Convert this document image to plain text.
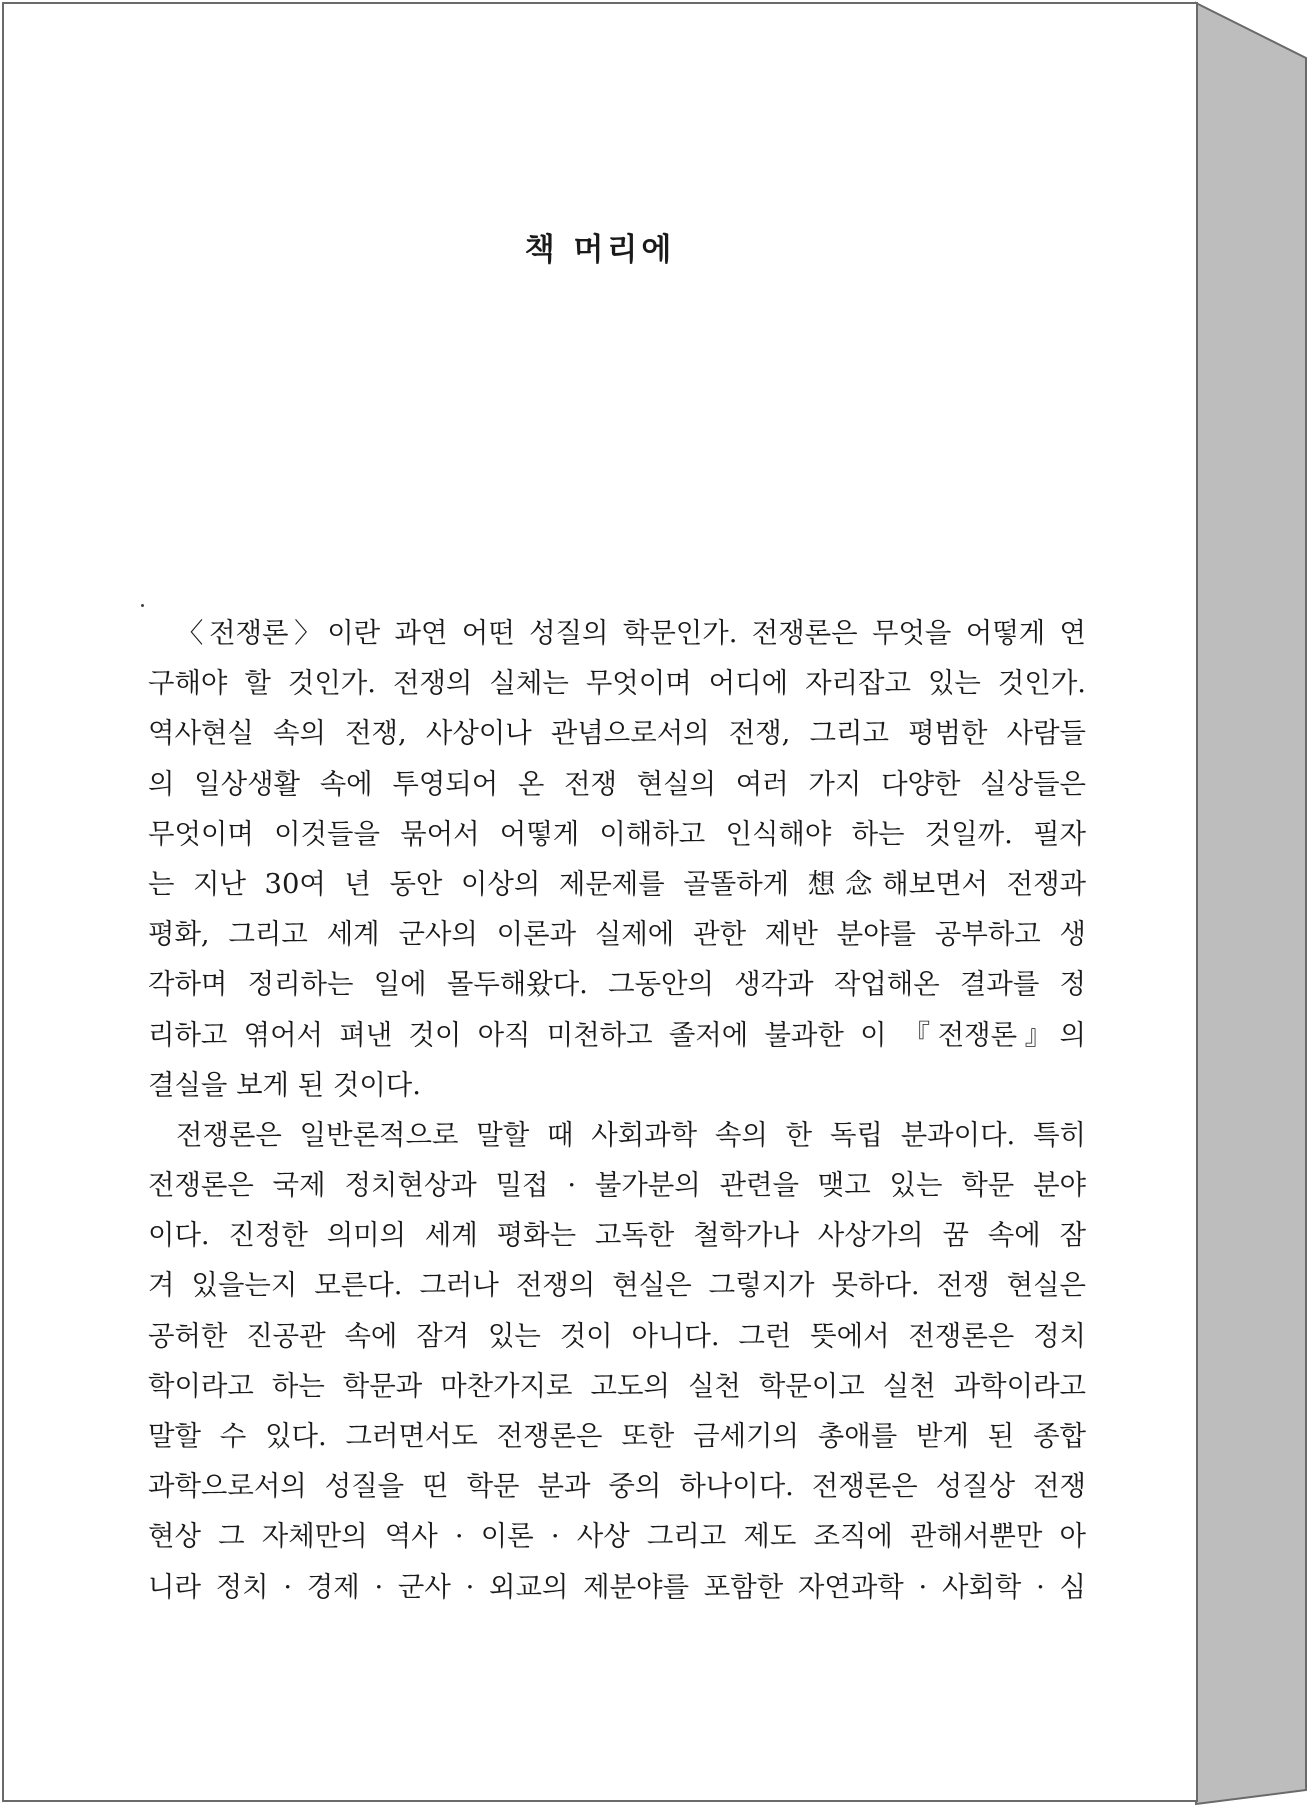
책 머리에
〈전쟁론〉이란 과연 어떤 성질의 학문인가. 전쟁론은 무엇을 어떻게 연
구해야 할 것인가. 전쟁의 실체는 무엇이며 어디에 자리잡고 있는 것인가.
역사현실 속의 전쟁, 사상이나 관념으로서의 전쟁, 그리고 평범한 사람들
의 일상생활 속에 투영되어 온 전쟁 현실의 여러 가지 다양한 실상들은
무엇이며 이것들을 묶어서 어떻게 이해하고 인식해야 하는 것일까. 필자
는 지난 30여 년 동안 이상의 제문제를 골똘하게 想念해보면서 전쟁과
평화, 그리고 세계 군사의 이론과 실제에 관한 제반 분야를 공부하고 생
각하며 정리하는 일에 몰두해왔다. 그동안의 생각과 작업해온 결과를 정
리하고 엮어서 펴낸 것이 아직 미천하고 졸저에 불과한 이 『전쟁론』의
결실을 보게 된 것이다.
전쟁론은 일반론적으로 말할 때 사회과학 속의 한 독립 분과이다. 특히
전쟁론은 국제 정치현상과 밀접 · 불가분의 관련을 맺고 있는 학문 분야
이다. 진정한 의미의 세계 평화는 고독한 철학가나 사상가의 꿈 속에 잠
겨 있을는지 모른다. 그러나 전쟁의 현실은 그렇지가 못하다. 전쟁 현실은
공허한 진공관 속에 잠겨 있는 것이 아니다. 그런 뜻에서 전쟁론은 정치
학이라고 하는 학문과 마찬가지로 고도의 실천 학문이고 실천 과학이라고
말할 수 있다. 그러면서도 전쟁론은 또한 금세기의 총애를 받게 된 종합
과학으로서의 성질을 띤 학문 분과 중의 하나이다. 전쟁론은 성질상 전쟁
현상 그 자체만의 역사 · 이론 · 사상 그리고 제도 조직에 관해서뿐만 아
니라 정치 · 경제 · 군사 · 외교의 제분야를 포함한 자연과학 · 사회학 · 심
